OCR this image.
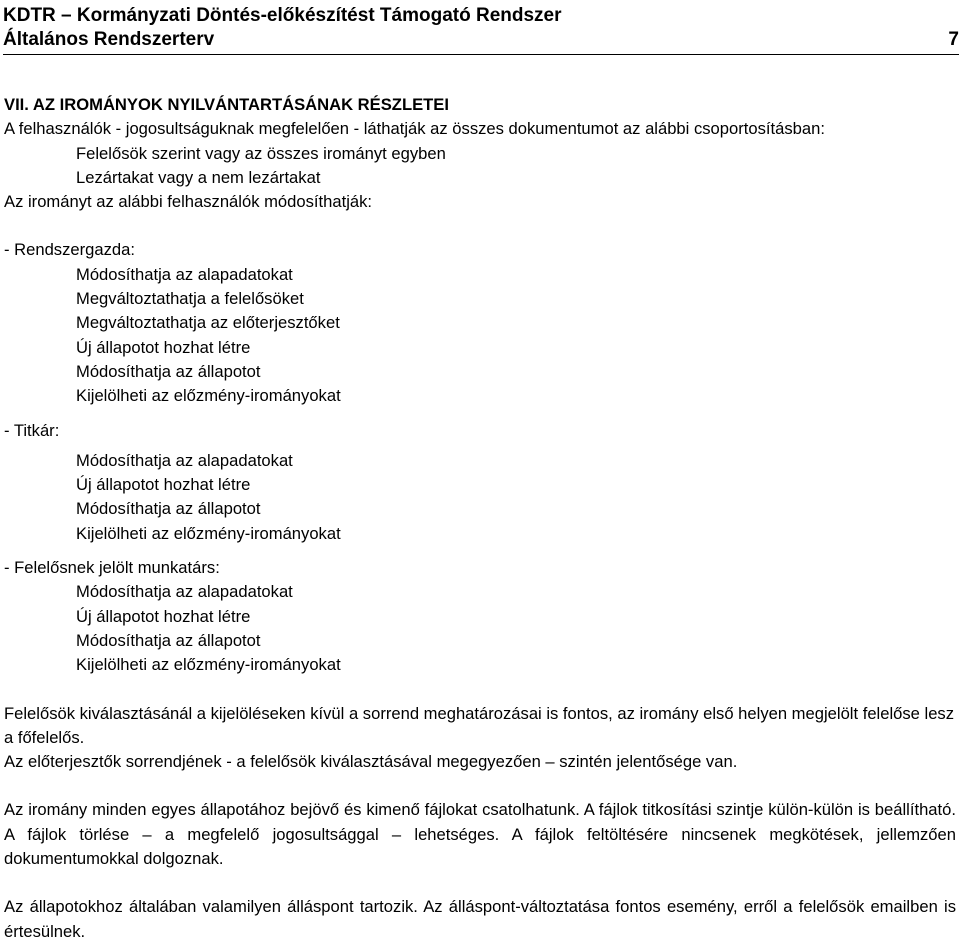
KDTR – Kormányzati Döntés-előkészítést Támogató Rendszer
Általános Rendszerterv	7

VII. AZ IROMÁNYOK NYILVÁNTARTÁSÁNAK RÉSZLETEI

A felhasználók - jogosultságuknak megfelelően - láthatják az összes dokumentumot az alábbi csoportosításban:

Felelősök szerint vagy az összes irományt egyben

Lezártakat vagy a nem lezártakat

Az irományt az alábbi felhasználók módosíthatják:

- Rendszergazda:

Módosíthatja az alapadatokat

Megváltoztathatja a felelősöket

Megváltoztathatja az előterjesztőket

Új állapotot hozhat létre

Módosíthatja az állapotot

Kijelölheti az előzmény-irományokat

- Titkár:

Módosíthatja az alapadatokat

Új állapotot hozhat létre

Módosíthatja az állapotot

Kijelölheti az előzmény-irományokat

- Felelősnek jelölt munkatárs:

Módosíthatja az alapadatokat

Új állapotot hozhat létre

Módosíthatja az állapotot

Kijelölheti az előzmény-irományokat

Felelősök kiválasztásánál a kijelöléseken kívül a sorrend meghatározásai is fontos, az iromány első helyen megjelölt felelőse lesz a főfelelős.

Az előterjesztők sorrendjének - a felelősök kiválasztásával megegyezően – szintén jelentősége van.

Az iromány minden egyes állapotához bejövő és kimenő fájlokat csatolhatunk. A fájlok titkosítási szintje külön-külön is beállítható. A fájlok törlése – a megfelelő jogosultsággal – lehetséges. A fájlok feltöltésére nincsenek megkötések, jellemzően dokumentumokkal dolgoznak.

Az állapotokhoz általában valamilyen álláspont tartozik. Az álláspont-változtatása fontos esemény, erről a felelősök emailben is értesülnek.
